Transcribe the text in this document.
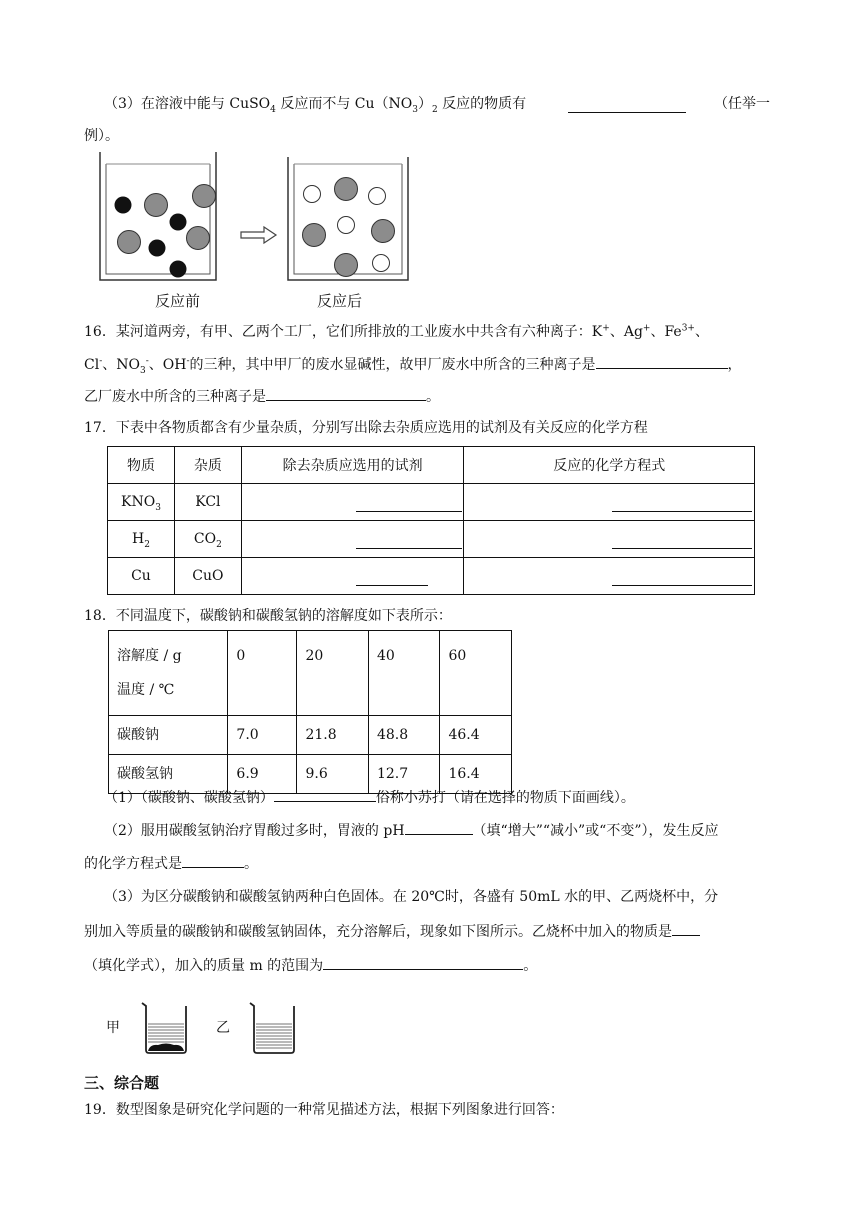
（3）在溶液中能与 CuSO$_4$ 反应而不与 $Cu(NO_3)_2$ 反应的物质有	（任举一
例）。
反应前	反应后
16．某河道两旁，有甲、乙两个工厂，它们所排放的工业废水中共含有六种离子：K+、Ag+、$Fe^{3+}$、
Cl-、$NO_3^-$、OH-的三种，其中甲厂的废水显碱性，故甲厂废水中所含的三种离子是	，
乙厂废水中所含的三种离子是	。
17．下表中各物质都含有少量杂质，分别写出除去杂质应选用的试剂及有关反应的化学方程
物质	杂质	除去杂质应选用的试剂	反应的化学方程式
$KNO_3$	KCl	

$H_2$	$CO_2$	

Cu	CuO	

18．不同温度下，碳酸钠和碳酸氢钠的溶解度如下表所示：
溶解度 / g
温度 / ℃	0	20	40	60
碳酸钠	7.0	21.8	48.8	46.4
碳酸氢钠	6.9	9.6	12.7	16.4
（1）（碳酸钠、碳酸氢钠）	俗称小苏打（请在选择的物质下面画线）。
（2）服用碳酸氢钠治疗胃酸过多时，胃液的 pH	（填“增大”“减小”或“不变”），发生反应
的化学方程式是	。
（3）为区分碳酸钠和碳酸氢钠两种白色固体。在 20℃时，各盛有 50mL 水的甲、乙两烧杯中，分
别加入等质量的碳酸钠和碳酸氢钠固体，充分溶解后，现象如下图所示。乙烧杯中加入的物质是
（填化学式），加入的质量 m 的范围为	。
甲	乙
三、综合题
19．数型图象是研究化学问题的一种常见描述方法，根据下列图象进行回答：
